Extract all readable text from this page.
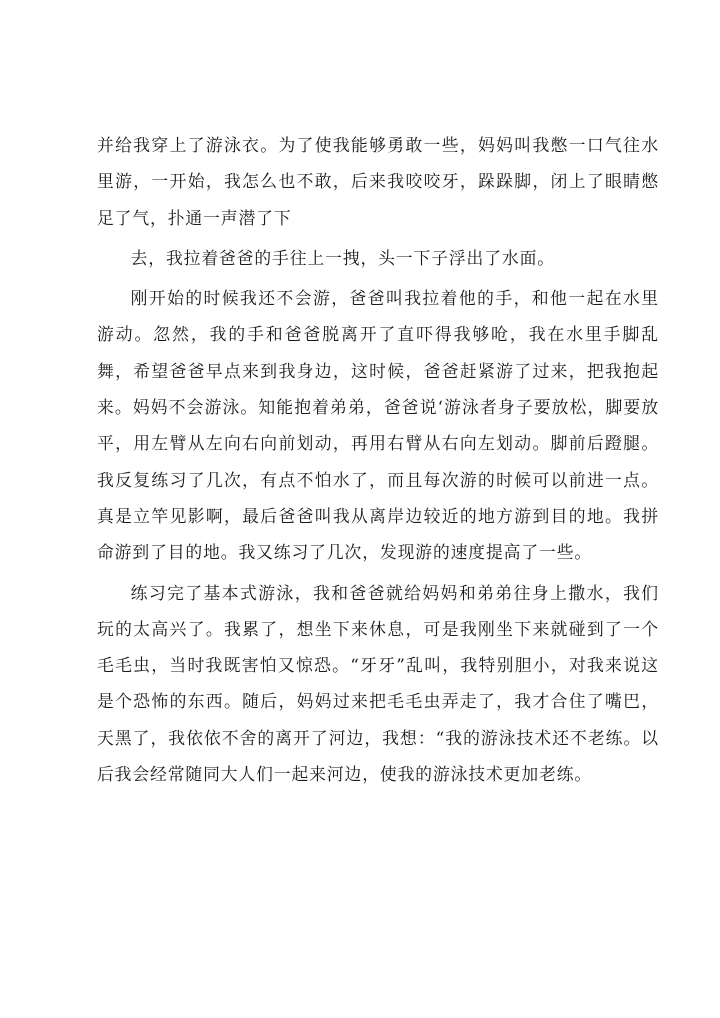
并给我穿上了游泳衣。为了使我能够勇敢一些，妈妈叫我憋一口气往水里游，一开始，我怎么也不敢，后来我咬咬牙，跺跺脚，闭上了眼睛憋足了气，扑通一声潜了下

去，我拉着爸爸的手往上一拽，头一下子浮出了水面。

刚开始的时候我还不会游，爸爸叫我拉着他的手，和他一起在水里游动。忽然，我的手和爸爸脱离开了直吓得我够呛，我在水里手脚乱舞，希望爸爸早点来到我身边，这时候，爸爸赶紧游了过来，把我抱起来。妈妈不会游泳。知能抱着弟弟，爸爸说‘游泳者身子要放松，脚要放平，用左臂从左向右向前划动，再用右臂从右向左划动。脚前后蹬腿。我反复练习了几次，有点不怕水了，而且每次游的时候可以前进一点。真是立竿见影啊，最后爸爸叫我从离岸边较近的地方游到目的地。我拼命游到了目的地。我又练习了几次，发现游的速度提高了一些。

练习完了基本式游泳，我和爸爸就给妈妈和弟弟往身上撒水，我们玩的太高兴了。我累了，想坐下来休息，可是我刚坐下来就碰到了一个毛毛虫，当时我既害怕又惊恐。“牙牙”乱叫，我特别胆小，对我来说这是个恐怖的东西。随后，妈妈过来把毛毛虫弄走了，我才合住了嘴巴，天黑了，我依依不舍的离开了河边，我想：“我的游泳技术还不老练。以后我会经常随同大人们一起来河边，使我的游泳技术更加老练。
